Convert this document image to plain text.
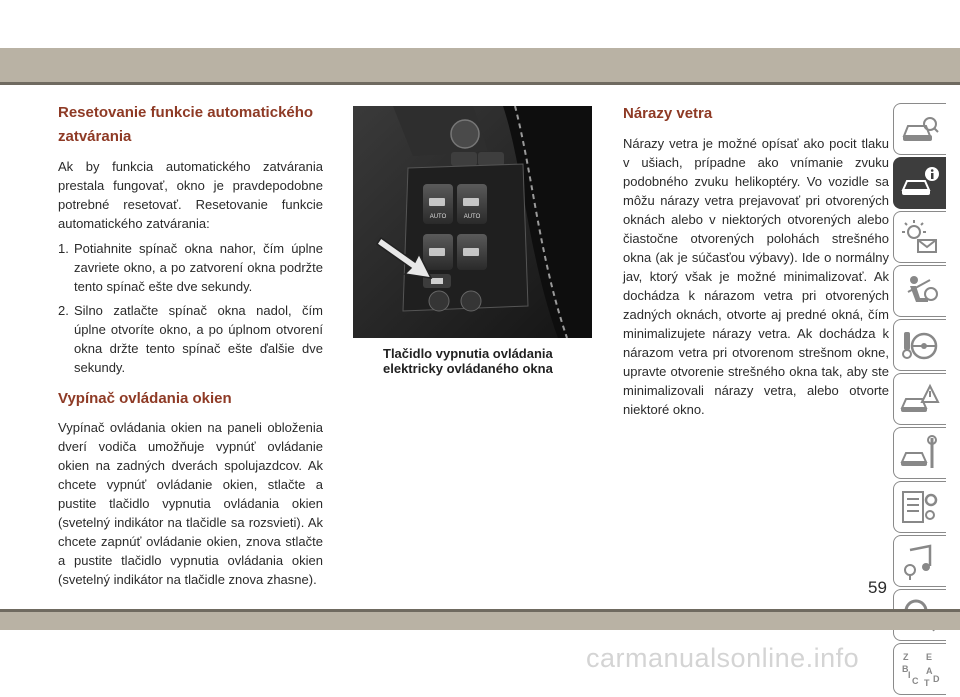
Resetovanie funkcie automatického zatvárania

Ak by funkcia automatického zatvárania prestala fungovať, okno je pravdepodobne potrebné resetovať. Resetovanie funkcie automatického zatvárania:

1. Potiahnite spínač okna nahor, čím úplne zavriete okno, a po zatvorení okna podržte tento spínač ešte dve sekundy.
2. Silno zatlačte spínač okna nadol, čím úplne otvoríte okno, a po úplnom otvorení okna držte tento spínač ešte ďalšie dve sekundy.
Vypínač ovládania okien

Vypínač ovládania okien na paneli obloženia dverí vodiča umožňuje vypnúť ovládanie okien na zadných dverách spolujazdcov. Ak chcete vypnúť ovládanie okien, stlačte a pustite tlačidlo vypnutia ovládania okien (svetelný indikátor na tlačidle sa rozsvieti). Ak chcete zapnúť ovládanie okien, znova stlačte a pustite tlačidlo vypnutia ovládania okien (svetelný indikátor na tlačidle znova zhasne).

AUTO	AUTO
Tlačidlo vypnutia ovládania elektricky ovládaného okna
Nárazy vetra

Nárazy vetra je možné opísať ako pocit tlaku v ušiach, prípadne ako vnímanie zvuku podobného zvuku helikoptéry. Vo vozidle sa môžu nárazy vetra prejavovať pri otvorených oknách alebo v niektorých otvorených alebo čiastočne otvorených polohách strešného okna (ak je súčasťou výbavy). Ide o normálny jav, ktorý však je možné minimalizovať. Ak dochádza k nárazom vetra pri otvorených zadných oknách, otvorte aj predné okná, čím minimalizujete nárazy vetra. Ak dochádza k nárazom vetra pri otvorenom strešnom okne, upravte otvorenie strešného okna tak, aby ste minimalizovali nárazy vetra, alebo otvorte niektoré okno.

Z E
B A
C T D
I
59
carmanualsonline.info
